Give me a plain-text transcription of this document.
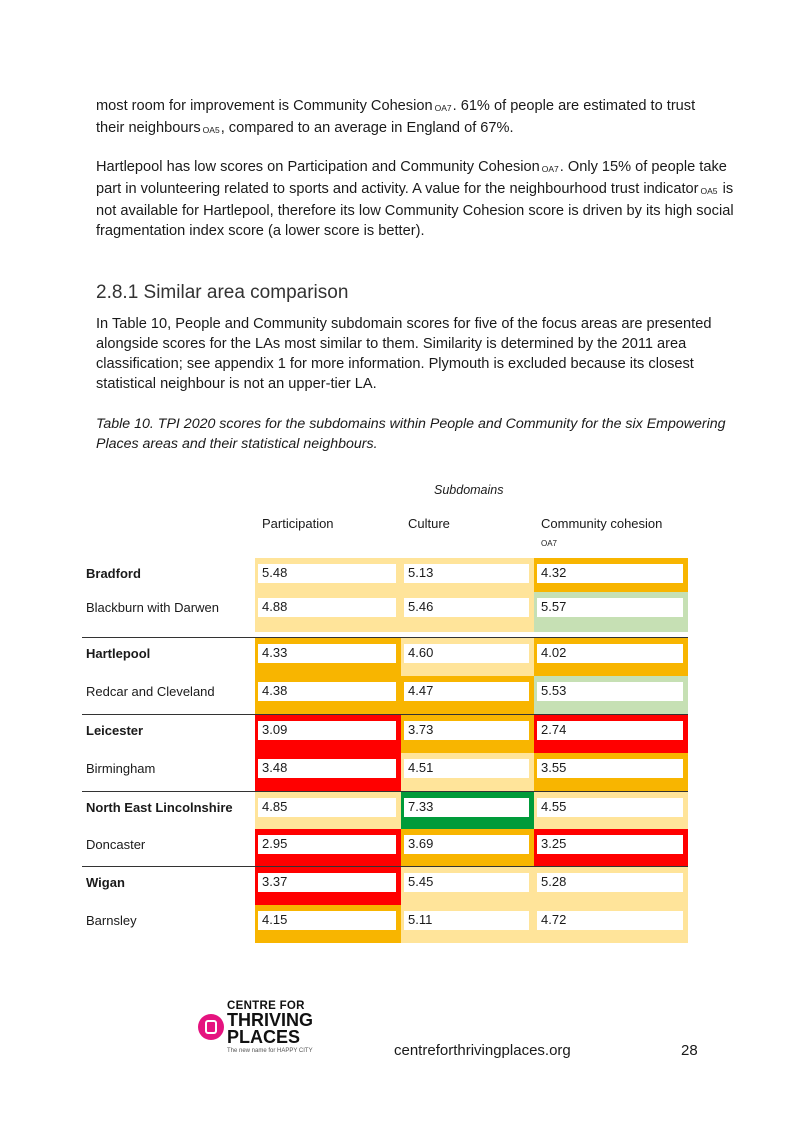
most room for improvement is Community Cohesion OA7. 61% of people are estimated to trust
their neighbours OA5, compared to an average in England of 67%.
Hartlepool has low scores on Participation and Community Cohesion OA7. Only 15% of people take part in volunteering related to sports and activity. A value for the neighbourhood trust indicator OA5 is not available for Hartlepool, therefore its low Community Cohesion score is driven by its high social fragmentation index score (a lower score is better).
2.8.1 Similar area comparison
In Table 10, People and Community subdomain scores for five of the focus areas are presented alongside scores for the LAs most similar to them. Similarity is determined by the 2011 area classification; see appendix 1 for more information. Plymouth is excluded because its closest statistical neighbour is not an upper-tier LA.
Table 10. TPI 2020 scores for the subdomains within People and Community for the six Empowering Places areas and their statistical neighbours.
Subdomains
Participation	Culture	Community cohesion
OA7
Bradford	5.48	5.13	4.32
Blackburn with Darwen	4.88	5.46	5.57
Hartlepool	4.33	4.60	4.02
Redcar and Cleveland	4.38	4.47	5.53
Leicester	3.09	3.73	2.74
Birmingham	3.48	4.51	3.55
North East Lincolnshire	4.85	7.33	4.55
Doncaster	2.95	3.69	3.25
Wigan	3.37	5.45	5.28
Barnsley	4.15	5.11	4.72
CENTRE FOR
THRIVING
PLACES
The new name for HAPPY CITY	centreforthrivingplaces.org	28
